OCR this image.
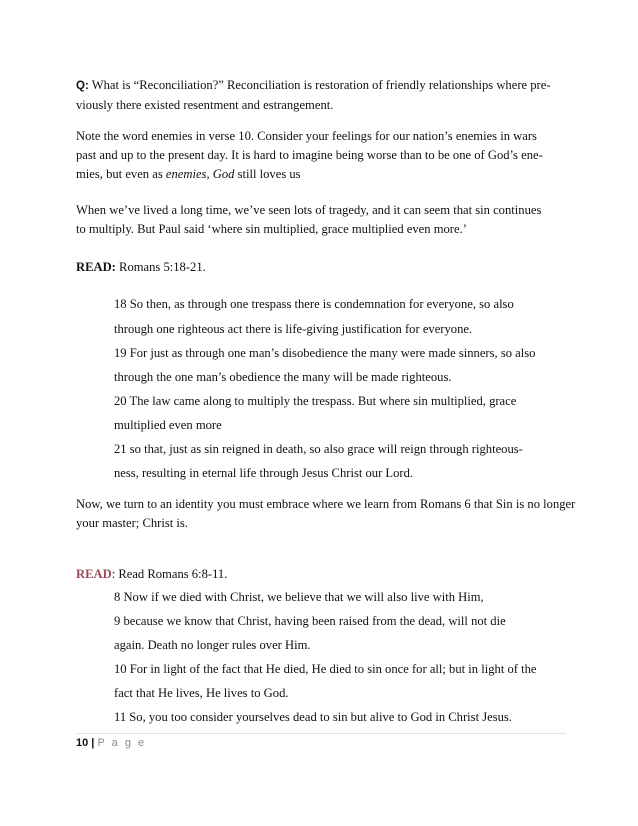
Q: What is “Reconciliation?” Reconciliation is restoration of friendly relationships where pre-
viously there existed resentment and estrangement.
Note the word enemies in verse 10. Consider your feelings for our nation’s enemies in wars
past and up to the present day. It is hard to imagine being worse than to be one of God’s ene-
mies, but even as enemies, God still loves us
When we’ve lived a long time, we’ve seen lots of tragedy, and it can seem that sin continues
to multiply. But Paul said ‘where sin multiplied, grace multiplied even more.’
READ: Romans 5:18-21.
18 So then, as through one trespass there is condemnation for everyone, so also
through one righteous act there is life-giving justification for everyone.
19 For just as through one man’s disobedience the many were made sinners, so also
through the one man’s obedience the many will be made righteous.
20 The law came along to multiply the trespass. But where sin multiplied, grace
multiplied even more
21 so that, just as sin reigned in death, so also grace will reign through righteous-
ness, resulting in eternal life through Jesus Christ our Lord.
Now, we turn to an identity you must embrace where we learn from Romans 6 that Sin is no longer
your master; Christ is.
READ: Read Romans 6:8-11.
8 Now if we died with Christ, we believe that we will also live with Him,
9 because we know that Christ, having been raised from the dead, will not die
again. Death no longer rules over Him.
10 For in light of the fact that He died, He died to sin once for all; but in light of the
fact that He lives, He lives to God.
11 So, you too consider yourselves dead to sin but alive to God in Christ Jesus.
10 | P a g e
